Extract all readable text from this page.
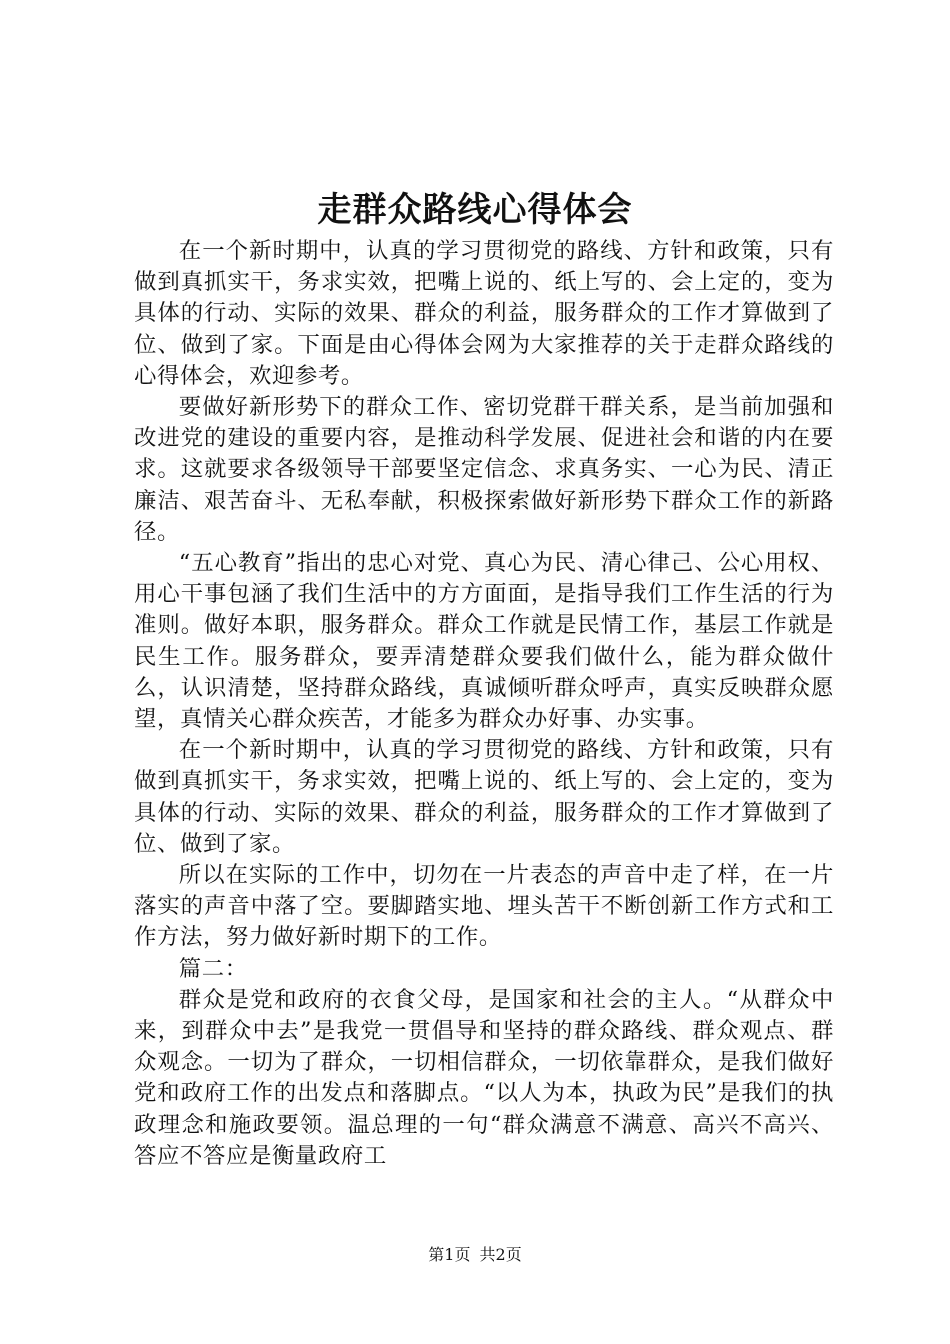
走群众路线心得体会

在一个新时期中，认真的学习贯彻党的路线、方针和政策，只有做到真抓实干，务求实效，把嘴上说的、纸上写的、会上定的，变为具体的行动、实际的效果、群众的利益，服务群众的工作才算做到了位、做到了家。下面是由心得体会网为大家推荐的关于走群众路线的心得体会，欢迎参考。

要做好新形势下的群众工作、密切党群干群关系，是当前加强和改进党的建设的重要内容，是推动科学发展、促进社会和谐的内在要求。这就要求各级领导干部要坚定信念、求真务实、一心为民、清正廉洁、艰苦奋斗、无私奉献，积极探索做好新形势下群众工作的新路径。

“五心教育”指出的忠心对党、真心为民、清心律己、公心用权、用心干事包涵了我们生活中的方方面面，是指导我们工作生活的行为准则。做好本职，服务群众。群众工作就是民情工作，基层工作就是民生工作。服务群众，要弄清楚群众要我们做什么，能为群众做什么，认识清楚，坚持群众路线，真诚倾听群众呼声，真实反映群众愿望，真情关心群众疾苦，才能多为群众办好事、办实事。

在一个新时期中，认真的学习贯彻党的路线、方针和政策，只有做到真抓实干，务求实效，把嘴上说的、纸上写的、会上定的，变为具体的行动、实际的效果、群众的利益，服务群众的工作才算做到了位、做到了家。

所以在实际的工作中，切勿在一片表态的声音中走了样，在一片落实的声音中落了空。要脚踏实地、埋头苦干不断创新工作方式和工作方法，努力做好新时期下的工作。

篇二：

群众是党和政府的衣食父母，是国家和社会的主人。“从群众中来，到群众中去”是我党一贯倡导和坚持的群众路线、群众观点、群众观念。一切为了群众，一切相信群众，一切依靠群众，是我们做好党和政府工作的出发点和落脚点。“以人为本，执政为民”是我们的执政理念和施政要领。温总理的一句“群众满意不满意、高兴不高兴、答应不答应是衡量政府工

第1页 共2页
